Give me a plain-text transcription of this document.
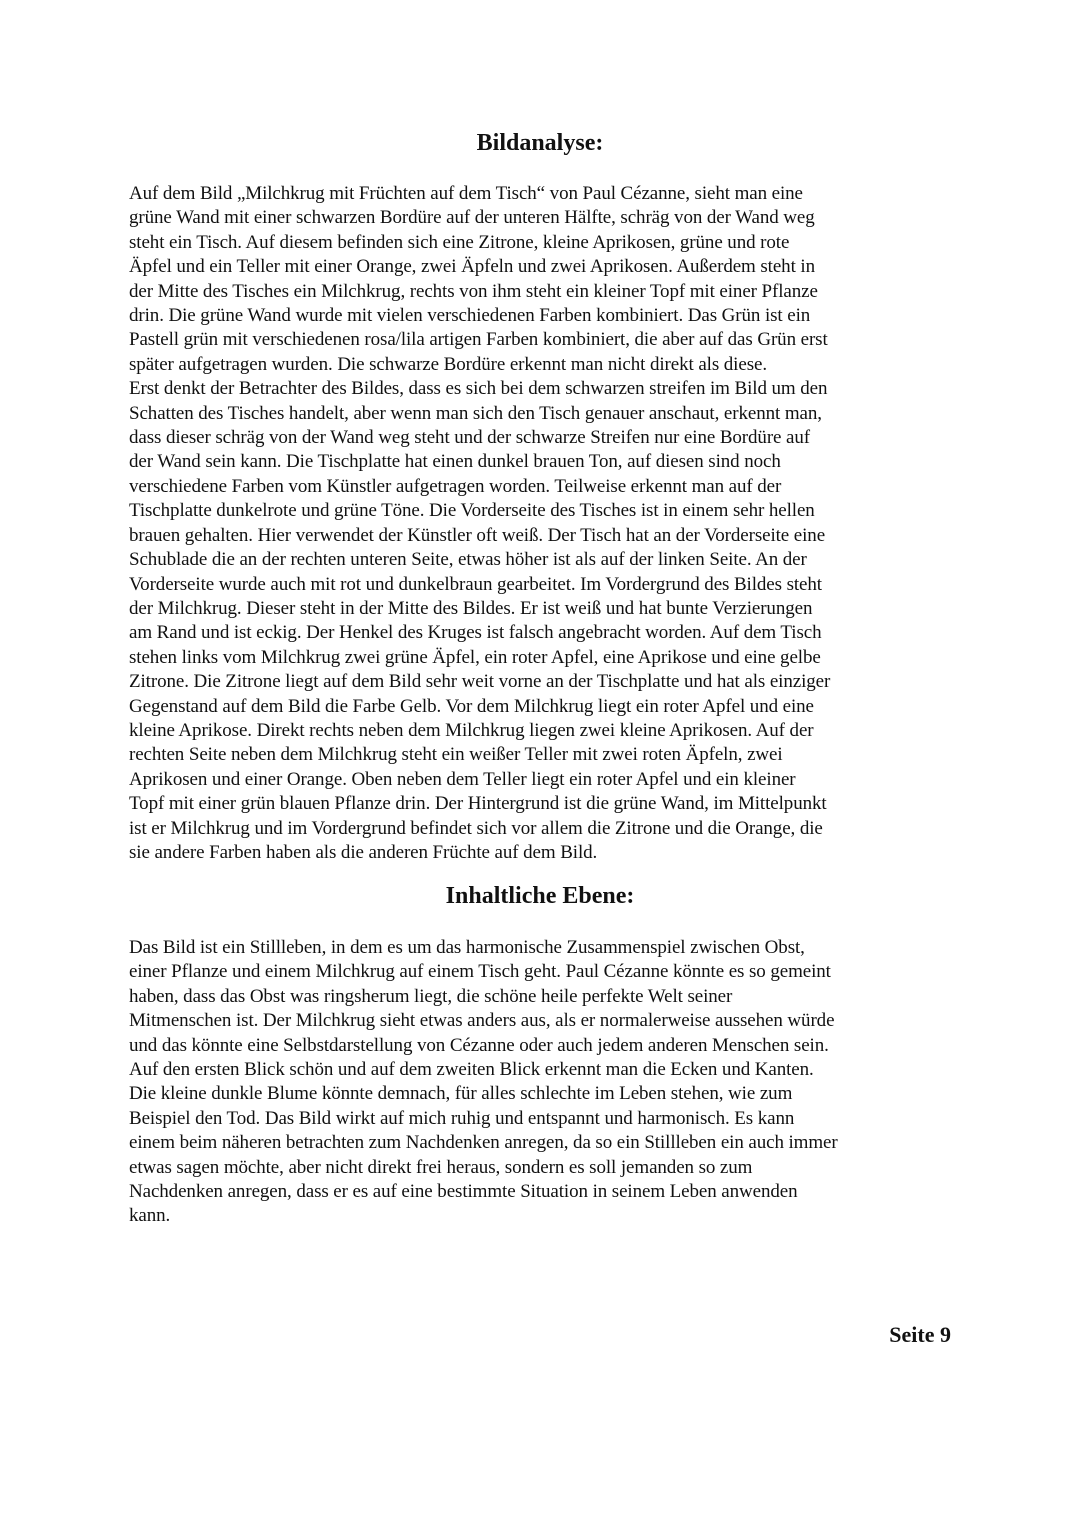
Bildanalyse:

Auf dem Bild „Milchkrug mit Früchten auf dem Tisch“ von Paul Cézanne, sieht man eine
grüne Wand mit einer schwarzen Bordüre auf der unteren Hälfte, schräg von der Wand weg
steht ein Tisch. Auf diesem befinden sich eine Zitrone, kleine Aprikosen, grüne und rote
Äpfel und ein Teller mit einer Orange, zwei Äpfeln und zwei Aprikosen. Außerdem steht in
der Mitte des Tisches ein Milchkrug, rechts von ihm steht ein kleiner Topf mit einer Pflanze
drin. Die grüne Wand wurde mit vielen verschiedenen Farben kombiniert. Das Grün ist ein
Pastell grün mit verschiedenen rosa/lila artigen Farben kombiniert, die aber auf das Grün erst
später aufgetragen wurden. Die schwarze Bordüre erkennt man nicht direkt als diese.
Erst denkt der Betrachter des Bildes, dass es sich bei dem schwarzen streifen im Bild um den
Schatten des Tisches handelt, aber wenn man sich den Tisch genauer anschaut, erkennt man,
dass dieser schräg von der Wand weg steht und der schwarze Streifen nur eine Bordüre auf
der Wand sein kann. Die Tischplatte hat einen dunkel brauen Ton, auf diesen sind noch
verschiedene Farben vom Künstler aufgetragen worden. Teilweise erkennt man auf der
Tischplatte dunkelrote und grüne Töne. Die Vorderseite des Tisches ist in einem sehr hellen
brauen gehalten. Hier verwendet der Künstler oft weiß. Der Tisch hat an der Vorderseite eine
Schublade die an der rechten unteren Seite, etwas höher ist als auf der linken Seite. An der
Vorderseite wurde auch mit rot und dunkelbraun gearbeitet. Im Vordergrund des Bildes steht
der Milchkrug. Dieser steht in der Mitte des Bildes. Er ist weiß und hat bunte Verzierungen
am Rand und ist eckig. Der Henkel des Kruges ist falsch angebracht worden. Auf dem Tisch
stehen links vom Milchkrug zwei grüne Äpfel, ein roter Apfel, eine Aprikose und eine gelbe
Zitrone. Die Zitrone liegt auf dem Bild sehr weit vorne an der Tischplatte und hat als einziger
Gegenstand auf dem Bild die Farbe Gelb. Vor dem Milchkrug liegt ein roter Apfel und eine
kleine Aprikose. Direkt rechts neben dem Milchkrug liegen zwei kleine Aprikosen. Auf der
rechten Seite neben dem Milchkrug steht ein weißer Teller mit zwei roten Äpfeln, zwei
Aprikosen und einer Orange. Oben neben dem Teller liegt ein roter Apfel und ein kleiner
Topf mit einer grün blauen Pflanze drin. Der Hintergrund ist die grüne Wand, im Mittelpunkt
ist er Milchkrug und im Vordergrund befindet sich vor allem die Zitrone und die Orange, die
sie andere Farben haben als die anderen Früchte auf dem Bild.

Inhaltliche Ebene:

Das Bild ist ein Stillleben, in dem es um das harmonische Zusammenspiel zwischen Obst,
einer Pflanze und einem Milchkrug auf einem Tisch geht. Paul Cézanne könnte es so gemeint
haben, dass das Obst was ringsherum liegt, die schöne heile perfekte Welt seiner
Mitmenschen ist. Der Milchkrug sieht etwas anders aus, als er normalerweise aussehen würde
und das könnte eine Selbstdarstellung von Cézanne oder auch jedem anderen Menschen sein.
Auf den ersten Blick schön und auf dem zweiten Blick erkennt man die Ecken und Kanten.
Die kleine dunkle Blume könnte demnach, für alles schlechte im Leben stehen, wie zum
Beispiel den Tod. Das Bild wirkt auf mich ruhig und entspannt und harmonisch. Es kann
einem beim näheren betrachten zum Nachdenken anregen, da so ein Stillleben ein auch immer
etwas sagen möchte, aber nicht direkt frei heraus, sondern es soll jemanden so zum
Nachdenken anregen, dass er es auf eine bestimmte Situation in seinem Leben anwenden
kann.

Seite 9
